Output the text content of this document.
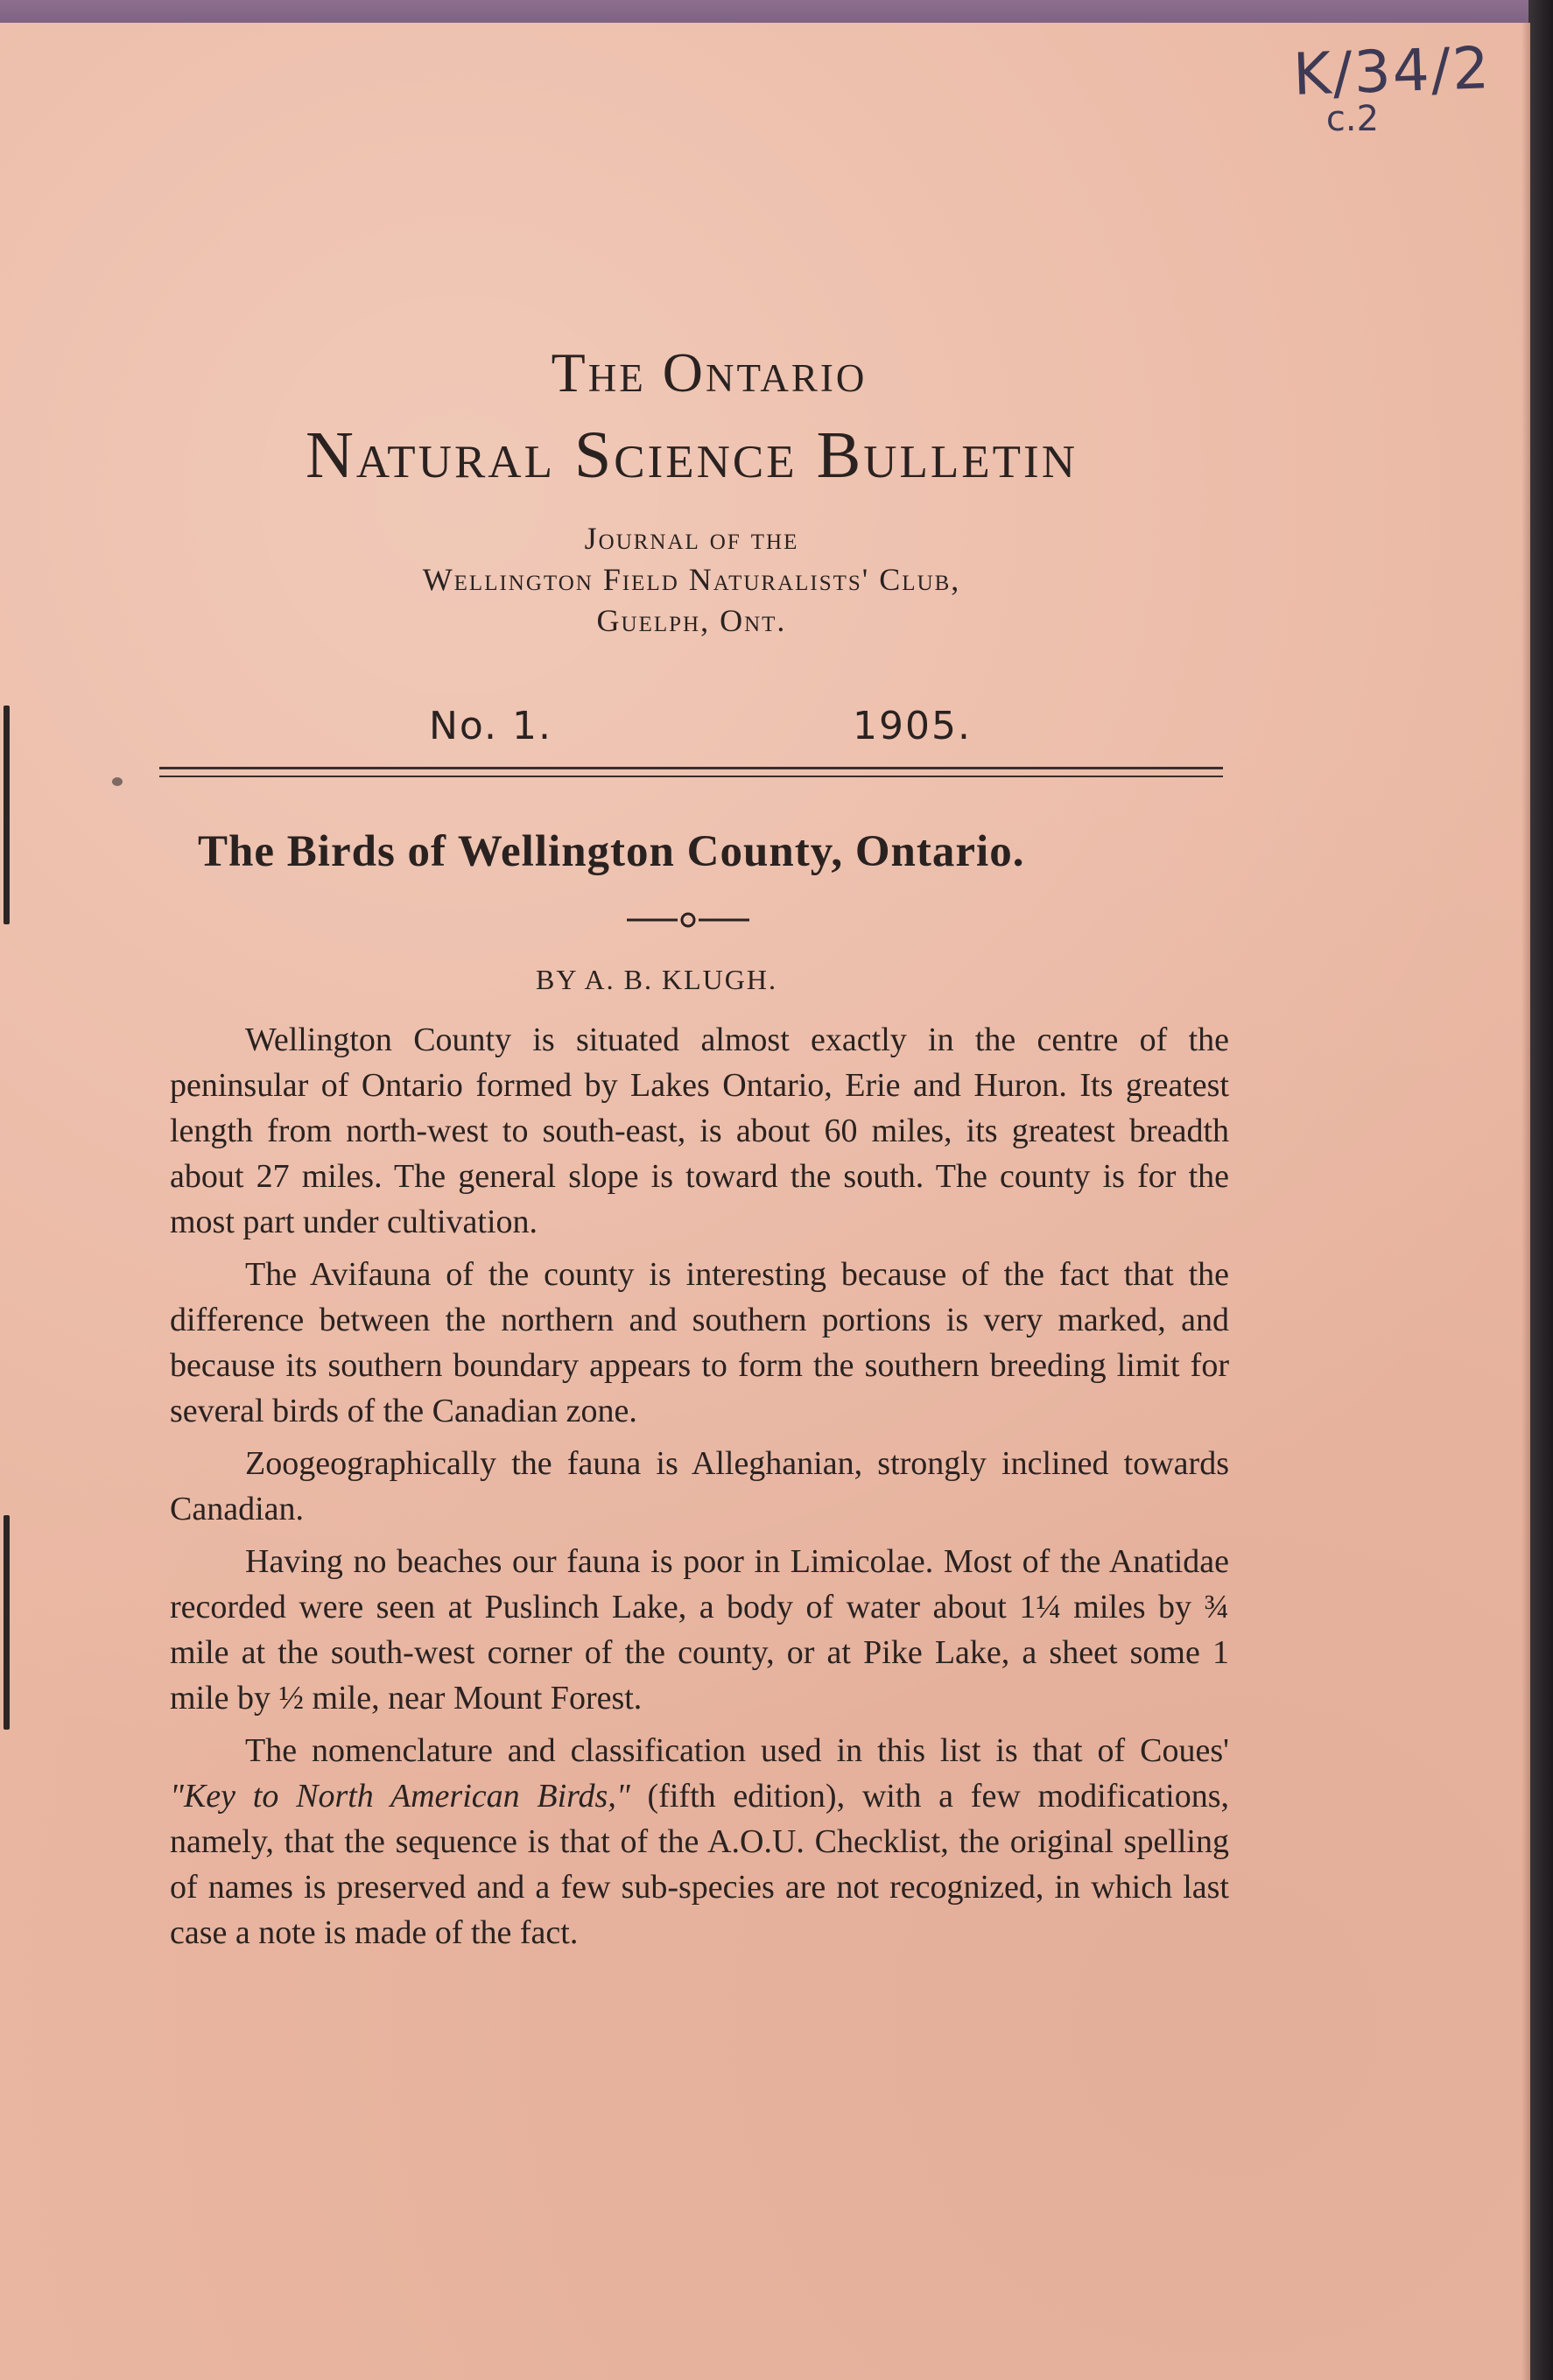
K/34/2
c.2
The Ontario
Natural Science Bulletin
Journal of the
Wellington Field Naturalists' Club,
Guelph, Ont.
No. 1.	1905.
The Birds of Wellington County, Ontario.
BY A. B. KLUGH.

Wellington County is situated almost exactly in the centre of the peninsular of Ontario formed by Lakes Ontario, Erie and Huron. Its greatest length from north-west to south-east, is about 60 miles, its greatest breadth about 27 miles. The general slope is toward the south. The county is for the most part under cultivation.

The Avifauna of the county is interesting because of the fact that the difference between the northern and southern portions is very marked, and because its southern boundary appears to form the southern breeding limit for several birds of the Canadian zone.

Zoogeographically the fauna is Alleghanian, strongly inclined towards Canadian.

Having no beaches our fauna is poor in Limicolae. Most of the Anatidae recorded were seen at Puslinch Lake, a body of water about 1¼ miles by ¾ mile at the south-west corner of the county, or at Pike Lake, a sheet some 1 mile by ½ mile, near Mount Forest.

The nomenclature and classification used in this list is that of Coues' "Key to North American Birds," (fifth edition), with a few modifications, namely, that the sequence is that of the A.O.U. Checklist, the original spelling of names is preserved and a few sub-species are not recognized, in which last case a note is made of the fact.
